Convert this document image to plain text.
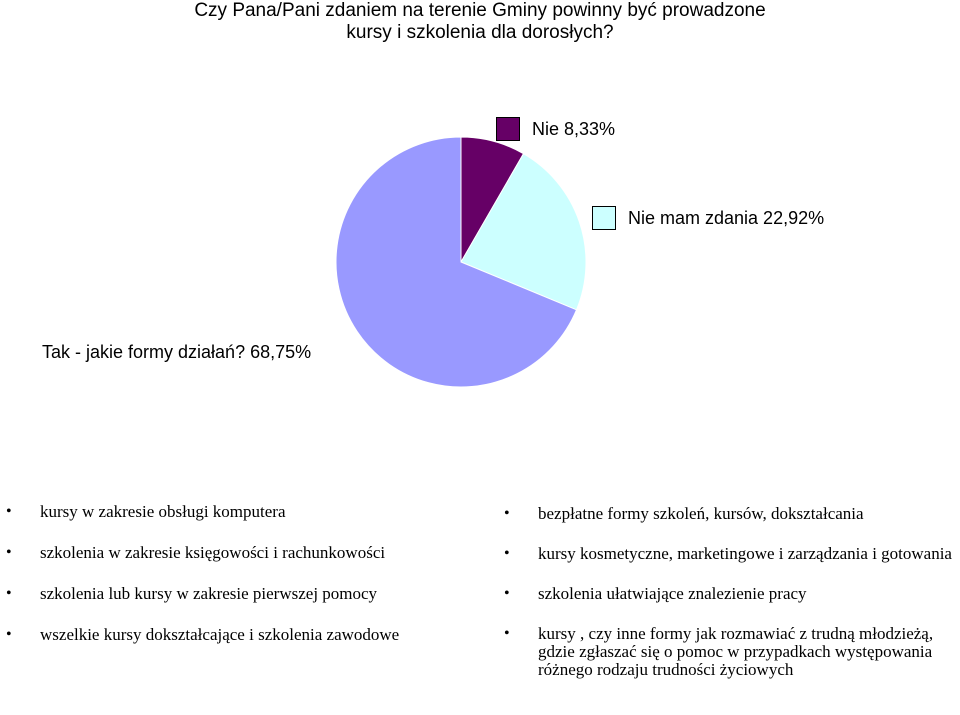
Czy Pana/Pani zdaniem na terenie Gminy powinny być prowadzone
kursy i szkolenia dla dorosłych?
Nie 8,33%
Nie mam zdania 22,92%
Tak - jakie formy działań? 68,75%
• kursy w zakresie obsługi komputera
• szkolenia w zakresie księgowości i rachunkowości
• szkolenia lub kursy w zakresie pierwszej pomocy
• wszelkie kursy dokształcające i szkolenia zawodowe
• bezpłatne formy szkoleń, kursów, dokształcania
• kursy kosmetyczne, marketingowe i zarządzania i gotowania
• szkolenia ułatwiające znalezienie pracy
• kursy , czy inne formy jak rozmawiać z trudną młodzieżą, gdzie zgłaszać się o pomoc w przypadkach występowania różnego rodzaju trudności życiowych
